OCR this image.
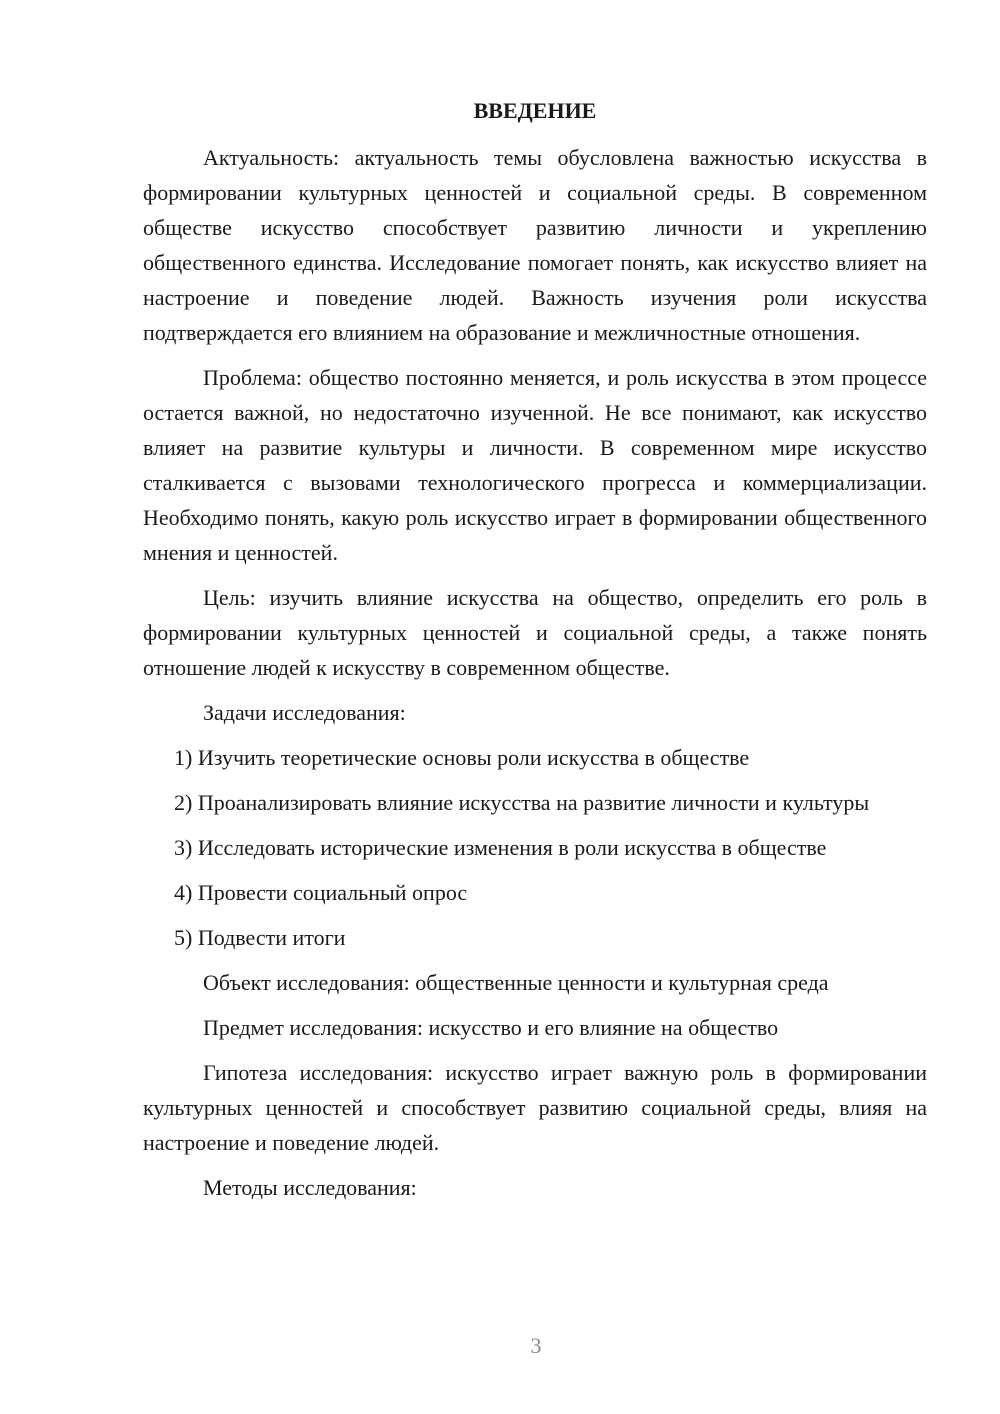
ВВЕДЕНИЕ

Актуальность: актуальность темы обусловлена важностью искусства в формировании культурных ценностей и социальной среды. В современном обществе искусство способствует развитию личности и укреплению общественного единства. Исследование помогает понять, как искусство влияет на настроение и поведение людей. Важность изучения роли искусства подтверждается его влиянием на образование и межличностные отношения.

Проблема: общество постоянно меняется, и роль искусства в этом процессе остается важной, но недостаточно изученной. Не все понимают, как искусство влияет на развитие культуры и личности. В современном мире искусство сталкивается с вызовами технологического прогресса и коммерциализации. Необходимо понять, какую роль искусство играет в формировании общественного мнения и ценностей.

Цель: изучить влияние искусства на общество, определить его роль в формировании культурных ценностей и социальной среды, а также понять отношение людей к искусству в современном обществе.

Задачи исследования:

1) Изучить теоретические основы роли искусства в обществе

2) Проанализировать влияние искусства на развитие личности и культуры

3) Исследовать исторические изменения в роли искусства в обществе

4) Провести социальный опрос

5) Подвести итоги

Объект исследования: общественные ценности и культурная среда

Предмет исследования: искусство и его влияние на общество

Гипотеза исследования: искусство играет важную роль в формировании культурных ценностей и способствует развитию социальной среды, влияя на настроение и поведение людей.

Методы исследования:

3
